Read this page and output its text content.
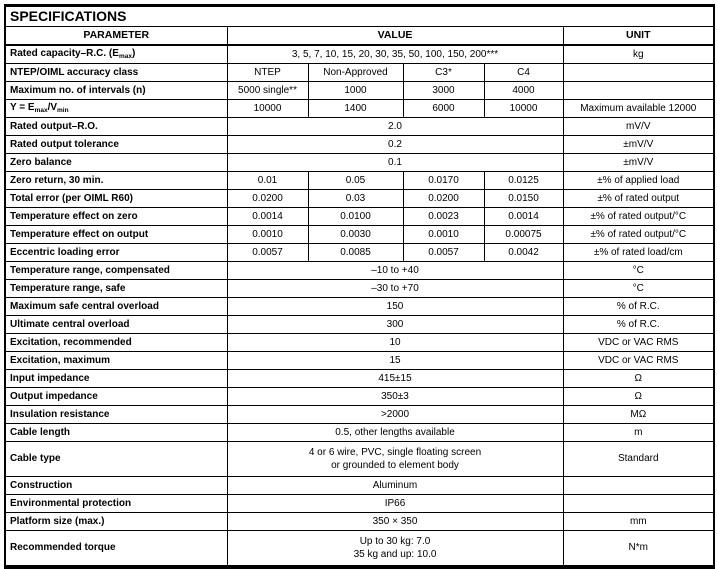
SPECIFICATIONS					
PARAMETER	VALUE				UNIT
Rated capacity–R.C. $(E_{max})$	3, 5, 7, 10, 15, 20, 30, 35, 50, 100, 150, 200***				kg
NTEP/OIML accuracy class	NTEP	Non-Approved	C3*	C4	
Maximum no. of intervals (n)	5000 single**	1000	3000	4000	
$Y = E_{max}/V_{min}$	10000	1400	6000	10000	Maximum available 12000
Rated output–R.O.	2.0				mV/V
Rated output tolerance	0.2				±mV/V
Zero balance	0.1				±mV/V
Zero return, 30 min.	0.01	0.05	0.0170	0.0125	±% of applied load
Total error (per OIML R60)	0.0200	0.03	0.0200	0.0150	±% of rated output
Temperature effect on zero	0.0014	0.0100	0.0023	0.0014	±% of rated output/°C
Temperature effect on output	0.0010	0.0030	0.0010	0.00075	±% of rated output/°C
Eccentric loading error	0.0057	0.0085	0.0057	0.0042	±% of rated load/cm
Temperature range, compensated	–10 to +40				°C
Temperature range, safe	–30 to +70				°C
Maximum safe central overload	150				% of R.C.
Ultimate central overload	300				% of R.C.
Excitation, recommended	10				VDC or VAC RMS
Excitation, maximum	15				VDC or VAC RMS
Input impedance	415±15				Ω
Output impedance	350±3				Ω
Insulation resistance	>2000				MΩ
Cable length	0.5, other lengths available				m
Cable type	4 or 6 wire, PVC, single floating screen
or grounded to element body				Standard
Construction	Aluminum				
Environmental protection	IP66				
Platform size (max.)	350 × 350				mm
Recommended torque	Up to 30 kg: 7.0
35 kg and up: 10.0				N*m
